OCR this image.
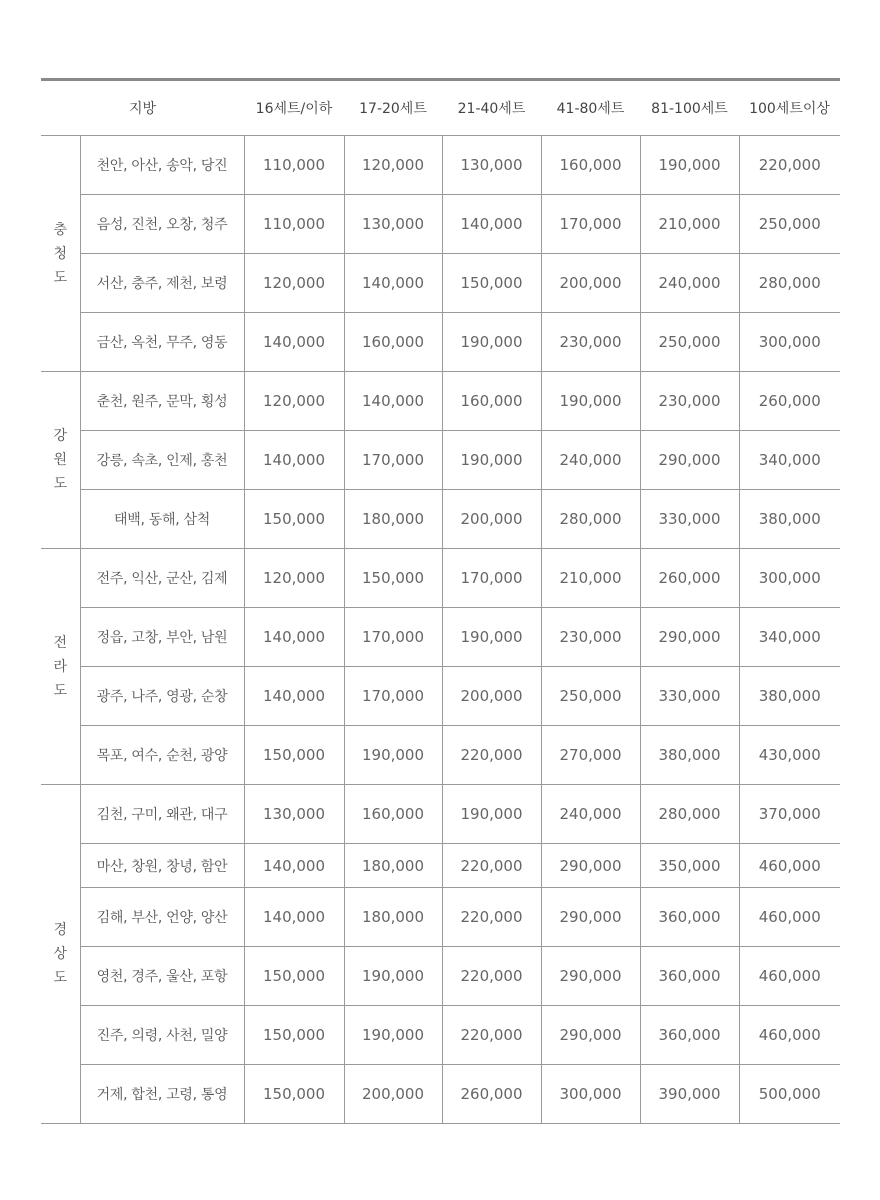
지방		16세트/이하	17-20세트	21-40세트	41-80세트	81-100세트	100세트이상

충
청
도	천안, 아산, 송악, 당진	110,000	120,000	130,000	160,000	190,000	220,000
	음성, 진천, 오창, 청주	110,000	130,000	140,000	170,000	210,000	250,000
	서산, 충주, 제천, 보령	120,000	140,000	150,000	200,000	240,000	280,000
	금산, 옥천, 무주, 영동	140,000	160,000	190,000	230,000	250,000	300,000

강
원
도	춘천, 원주, 문막, 횡성	120,000	140,000	160,000	190,000	230,000	260,000
	강릉, 속초, 인제, 홍천	140,000	170,000	190,000	240,000	290,000	340,000
	태백, 동해, 삼척	150,000	180,000	200,000	280,000	330,000	380,000

전
라
도	전주, 익산, 군산, 김제	120,000	150,000	170,000	210,000	260,000	300,000
	정읍, 고창, 부안, 남원	140,000	170,000	190,000	230,000	290,000	340,000
	광주, 나주, 영광, 순창	140,000	170,000	200,000	250,000	330,000	380,000
	목포, 여수, 순천, 광양	150,000	190,000	220,000	270,000	380,000	430,000

경
상
도	김천, 구미, 왜관, 대구	130,000	160,000	190,000	240,000	280,000	370,000
	마산, 창원, 창녕, 함안	140,000	180,000	220,000	290,000	350,000	460,000
	김해, 부산, 언양, 양산	140,000	180,000	220,000	290,000	360,000	460,000
	영천, 경주, 울산, 포항	150,000	190,000	220,000	290,000	360,000	460,000
	진주, 의령, 사천, 밀양	150,000	190,000	220,000	290,000	360,000	460,000
	거제, 합천, 고령, 통영	150,000	200,000	260,000	300,000	390,000	500,000
